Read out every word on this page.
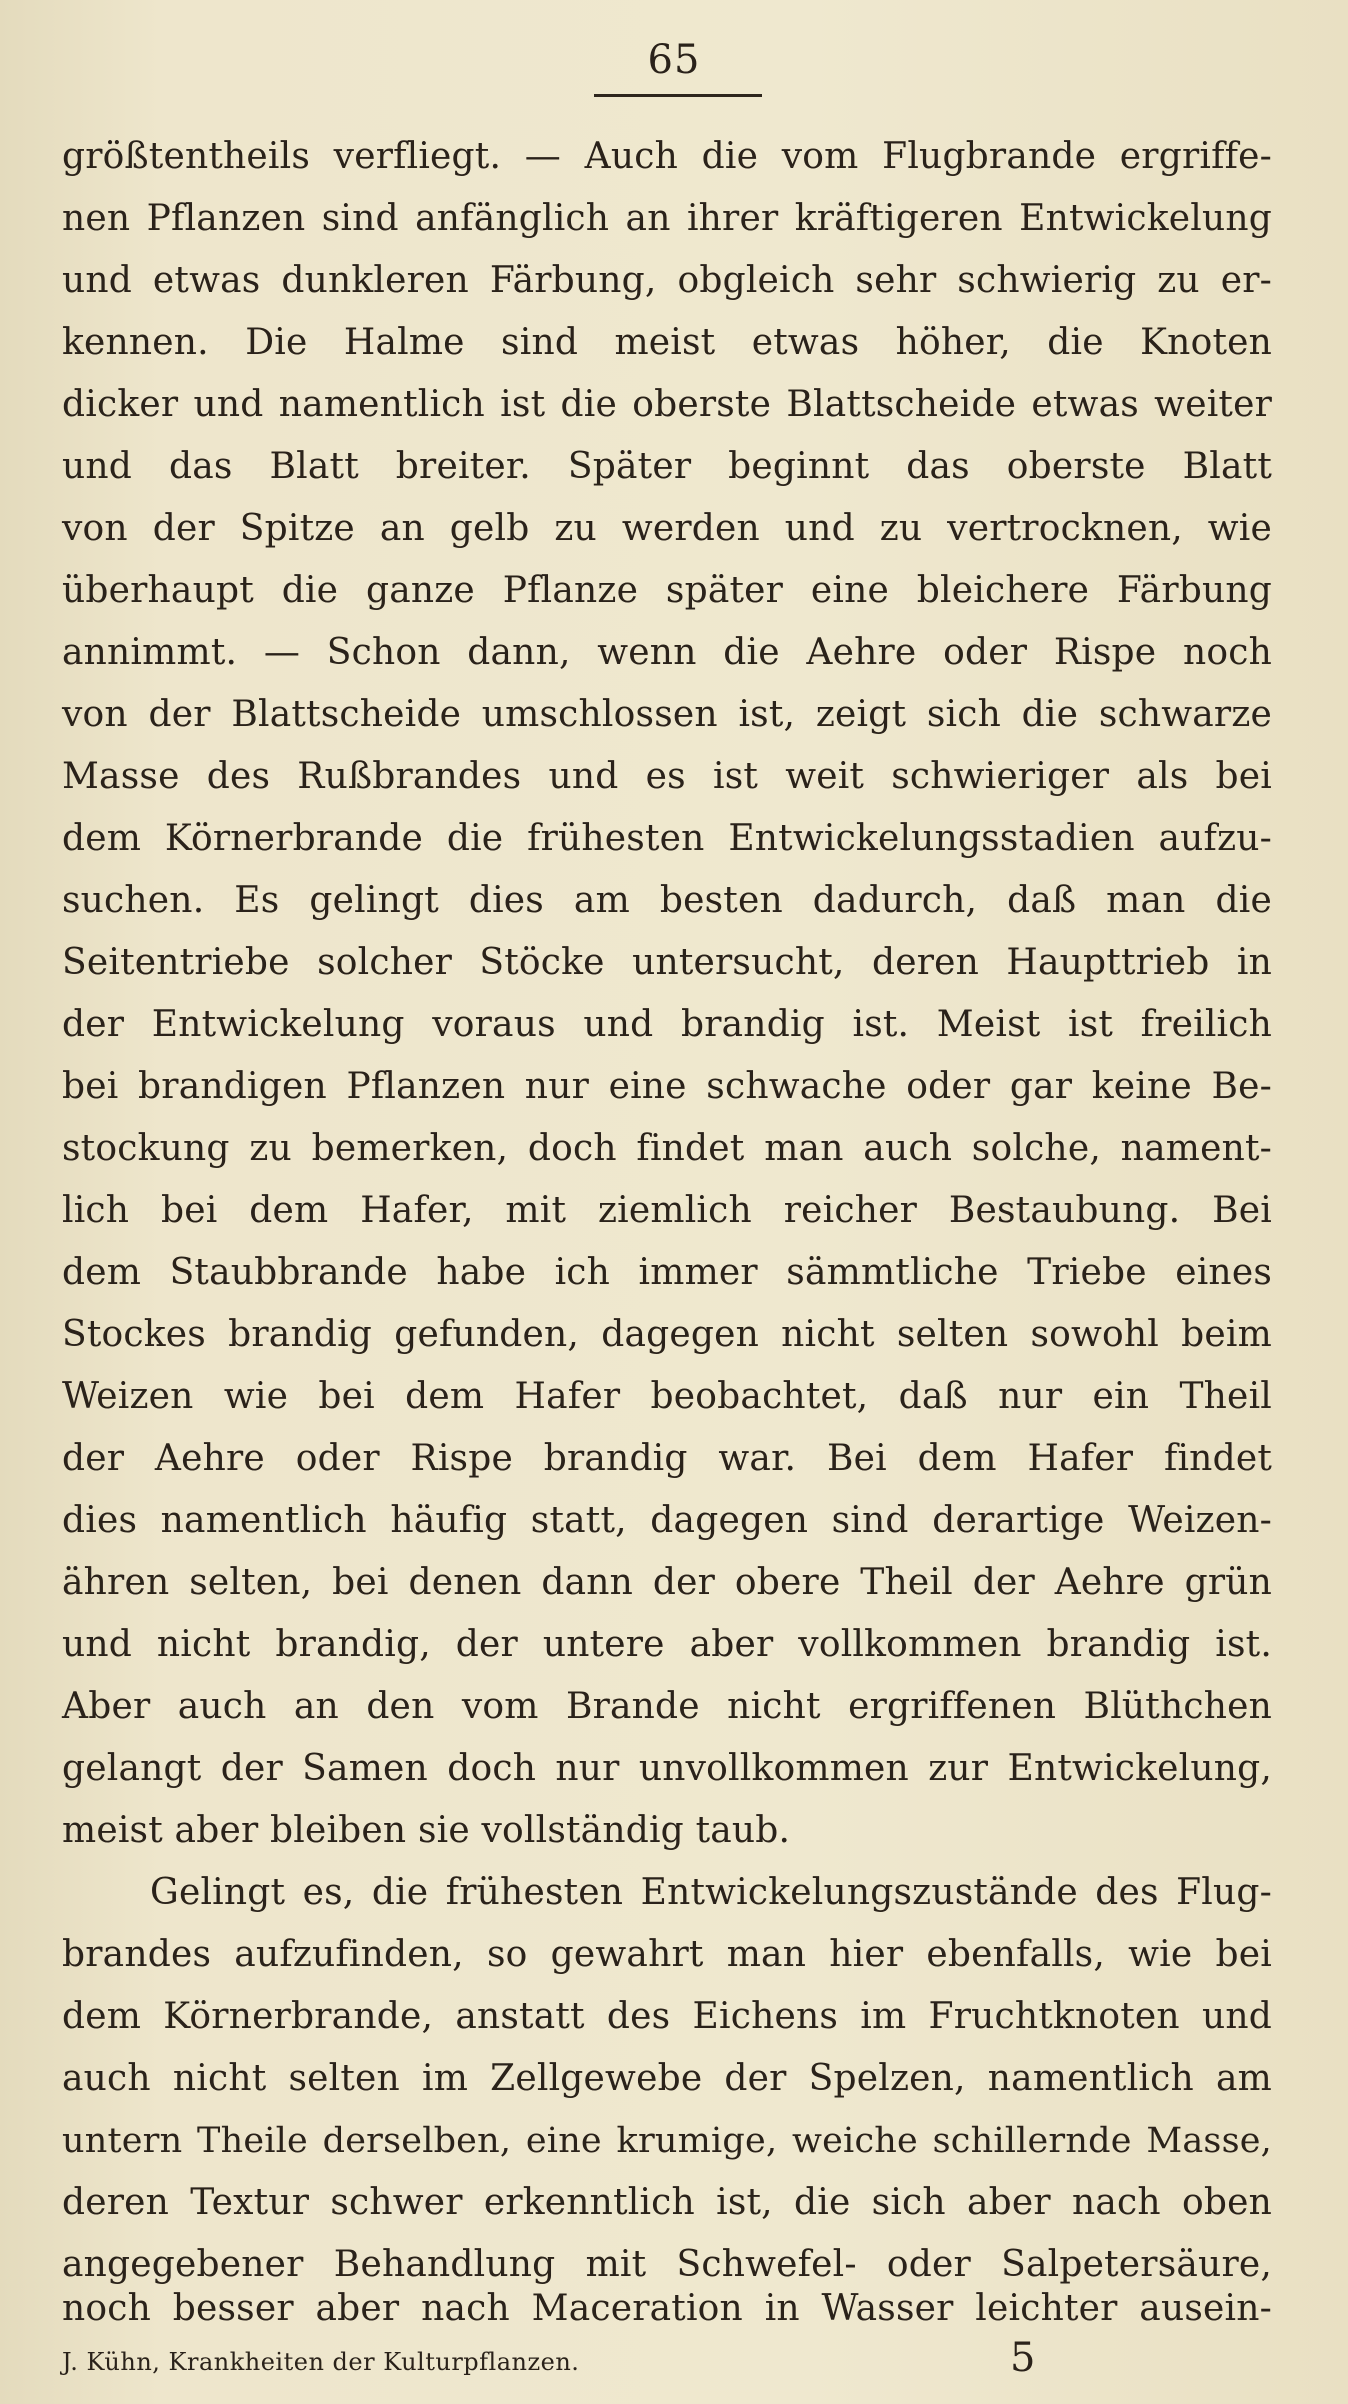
65
größtentheils verfliegt. — Auch die vom Flugbrande ergriffe-
nen Pflanzen sind anfänglich an ihrer kräftigeren Entwickelung
und etwas dunkleren Färbung, obgleich sehr schwierig zu er-
kennen. Die Halme sind meist etwas höher, die Knoten
dicker und namentlich ist die oberste Blattscheide etwas weiter
und das Blatt breiter. Später beginnt das oberste Blatt
von der Spitze an gelb zu werden und zu vertrocknen, wie
überhaupt die ganze Pflanze später eine bleichere Färbung
annimmt. — Schon dann, wenn die Aehre oder Rispe noch
von der Blattscheide umschlossen ist, zeigt sich die schwarze
Masse des Rußbrandes und es ist weit schwieriger als bei
dem Körnerbrande die frühesten Entwickelungsstadien aufzu-
suchen. Es gelingt dies am besten dadurch, daß man die
Seitentriebe solcher Stöcke untersucht, deren Haupttrieb in
der Entwickelung voraus und brandig ist. Meist ist freilich
bei brandigen Pflanzen nur eine schwache oder gar keine Be-
stockung zu bemerken, doch findet man auch solche, nament-
lich bei dem Hafer, mit ziemlich reicher Bestaubung. Bei
dem Staubbrande habe ich immer sämmtliche Triebe eines
Stockes brandig gefunden, dagegen nicht selten sowohl beim
Weizen wie bei dem Hafer beobachtet, daß nur ein Theil
der Aehre oder Rispe brandig war. Bei dem Hafer findet
dies namentlich häufig statt, dagegen sind derartige Weizen-
ähren selten, bei denen dann der obere Theil der Aehre grün
und nicht brandig, der untere aber vollkommen brandig ist.
Aber auch an den vom Brande nicht ergriffenen Blüthchen
gelangt der Samen doch nur unvollkommen zur Entwickelung,
meist aber bleiben sie vollständig taub.
Gelingt es, die frühesten Entwickelungszustände des Flug-
brandes aufzufinden, so gewahrt man hier ebenfalls, wie bei
dem Körnerbrande, anstatt des Eichens im Fruchtknoten und
auch nicht selten im Zellgewebe der Spelzen, namentlich am
untern Theile derselben, eine krumige, weiche schillernde Masse,
deren Textur schwer erkenntlich ist, die sich aber nach oben
angegebener Behandlung mit Schwefel- oder Salpetersäure,
noch besser aber nach Maceration in Wasser leichter ausein-
J. Kühn, Krankheiten der Kulturpflanzen.	5
